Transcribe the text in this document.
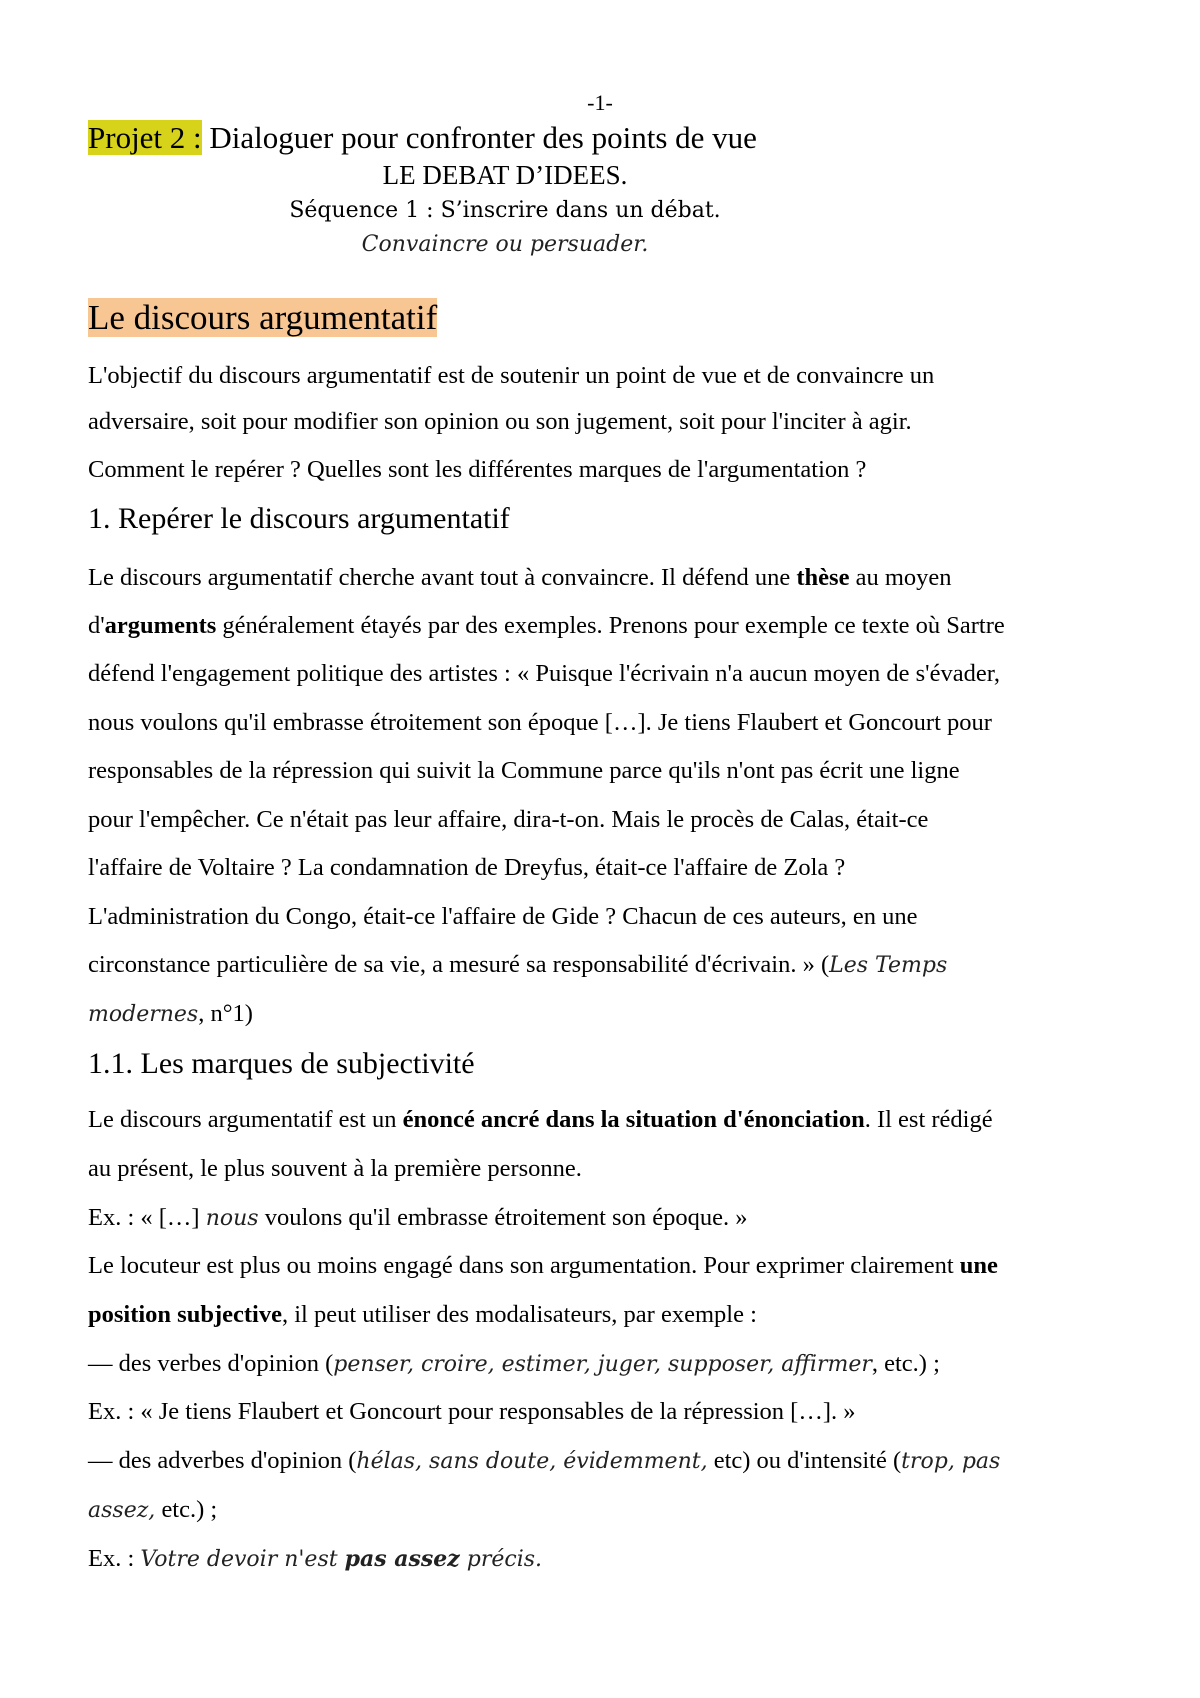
-1-
Projet 2 : Dialoguer pour confronter des points de vue
LE DEBAT D’IDEES.
Séquence 1 : S’inscrire dans un débat.
Convaincre ou persuader.
Le discours argumentatif
L'objectif du discours argumentatif est de soutenir un point de vue et de convaincre un
adversaire, soit pour modifier son opinion ou son jugement, soit pour l'inciter à agir.
Comment le repérer ? Quelles sont les différentes marques de l'argumentation ?
1. Repérer le discours argumentatif
Le discours argumentatif cherche avant tout à convaincre. Il défend une thèse au moyen
d'arguments généralement étayés par des exemples. Prenons pour exemple ce texte où Sartre
défend l'engagement politique des artistes : « Puisque l'écrivain n'a aucun moyen de s'évader,
nous voulons qu'il embrasse étroitement son époque […]. Je tiens Flaubert et Goncourt pour
responsables de la répression qui suivit la Commune parce qu'ils n'ont pas écrit une ligne
pour l'empêcher. Ce n'était pas leur affaire, dira-t-on. Mais le procès de Calas, était-ce
l'affaire de Voltaire ? La condamnation de Dreyfus, était-ce l'affaire de Zola ?
L'administration du Congo, était-ce l'affaire de Gide ? Chacun de ces auteurs, en une
circonstance particulière de sa vie, a mesuré sa responsabilité d'écrivain. » (Les Temps
modernes, n°1)
1.1. Les marques de subjectivité
Le discours argumentatif est un énoncé ancré dans la situation d'énonciation. Il est rédigé
au présent, le plus souvent à la première personne.
Ex. : « […] nous voulons qu'il embrasse étroitement son époque. »
Le locuteur est plus ou moins engagé dans son argumentation. Pour exprimer clairement une
position subjective, il peut utiliser des modalisateurs, par exemple :
— des verbes d'opinion (penser, croire, estimer, juger, supposer, affirmer, etc.) ;
Ex. : « Je tiens Flaubert et Goncourt pour responsables de la répression […]. »
— des adverbes d'opinion (hélas, sans doute, évidemment, etc) ou d'intensité (trop, pas
assez, etc.) ;
Ex. : Votre devoir n'est pas assez précis.
